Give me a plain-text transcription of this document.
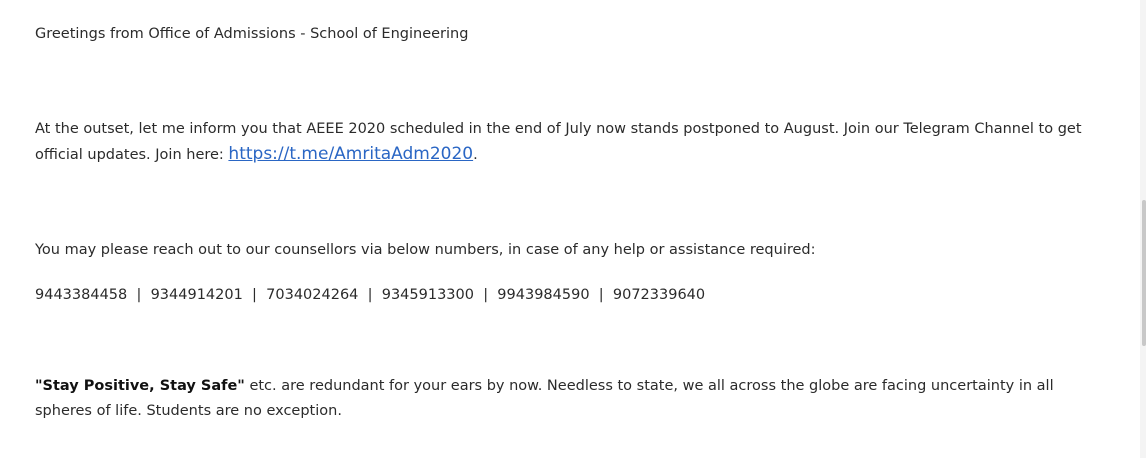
Greetings from Office of Admissions - School of Engineering
At the outset, let me inform you that AEEE 2020 scheduled in the end of July now stands postponed to August. Join our Telegram Channel to get official updates. Join here: https://t.me/AmritaAdm2020.
You may please reach out to our counsellors via below numbers, in case of any help or assistance required:
9443384458  |  9344914201  |  7034024264  |  9345913300  |  9943984590  |  9072339640
"Stay Positive, Stay Safe" etc. are redundant for your ears by now. Needless to state, we all across the globe are facing uncertainty in all spheres of life. Students are no exception.
